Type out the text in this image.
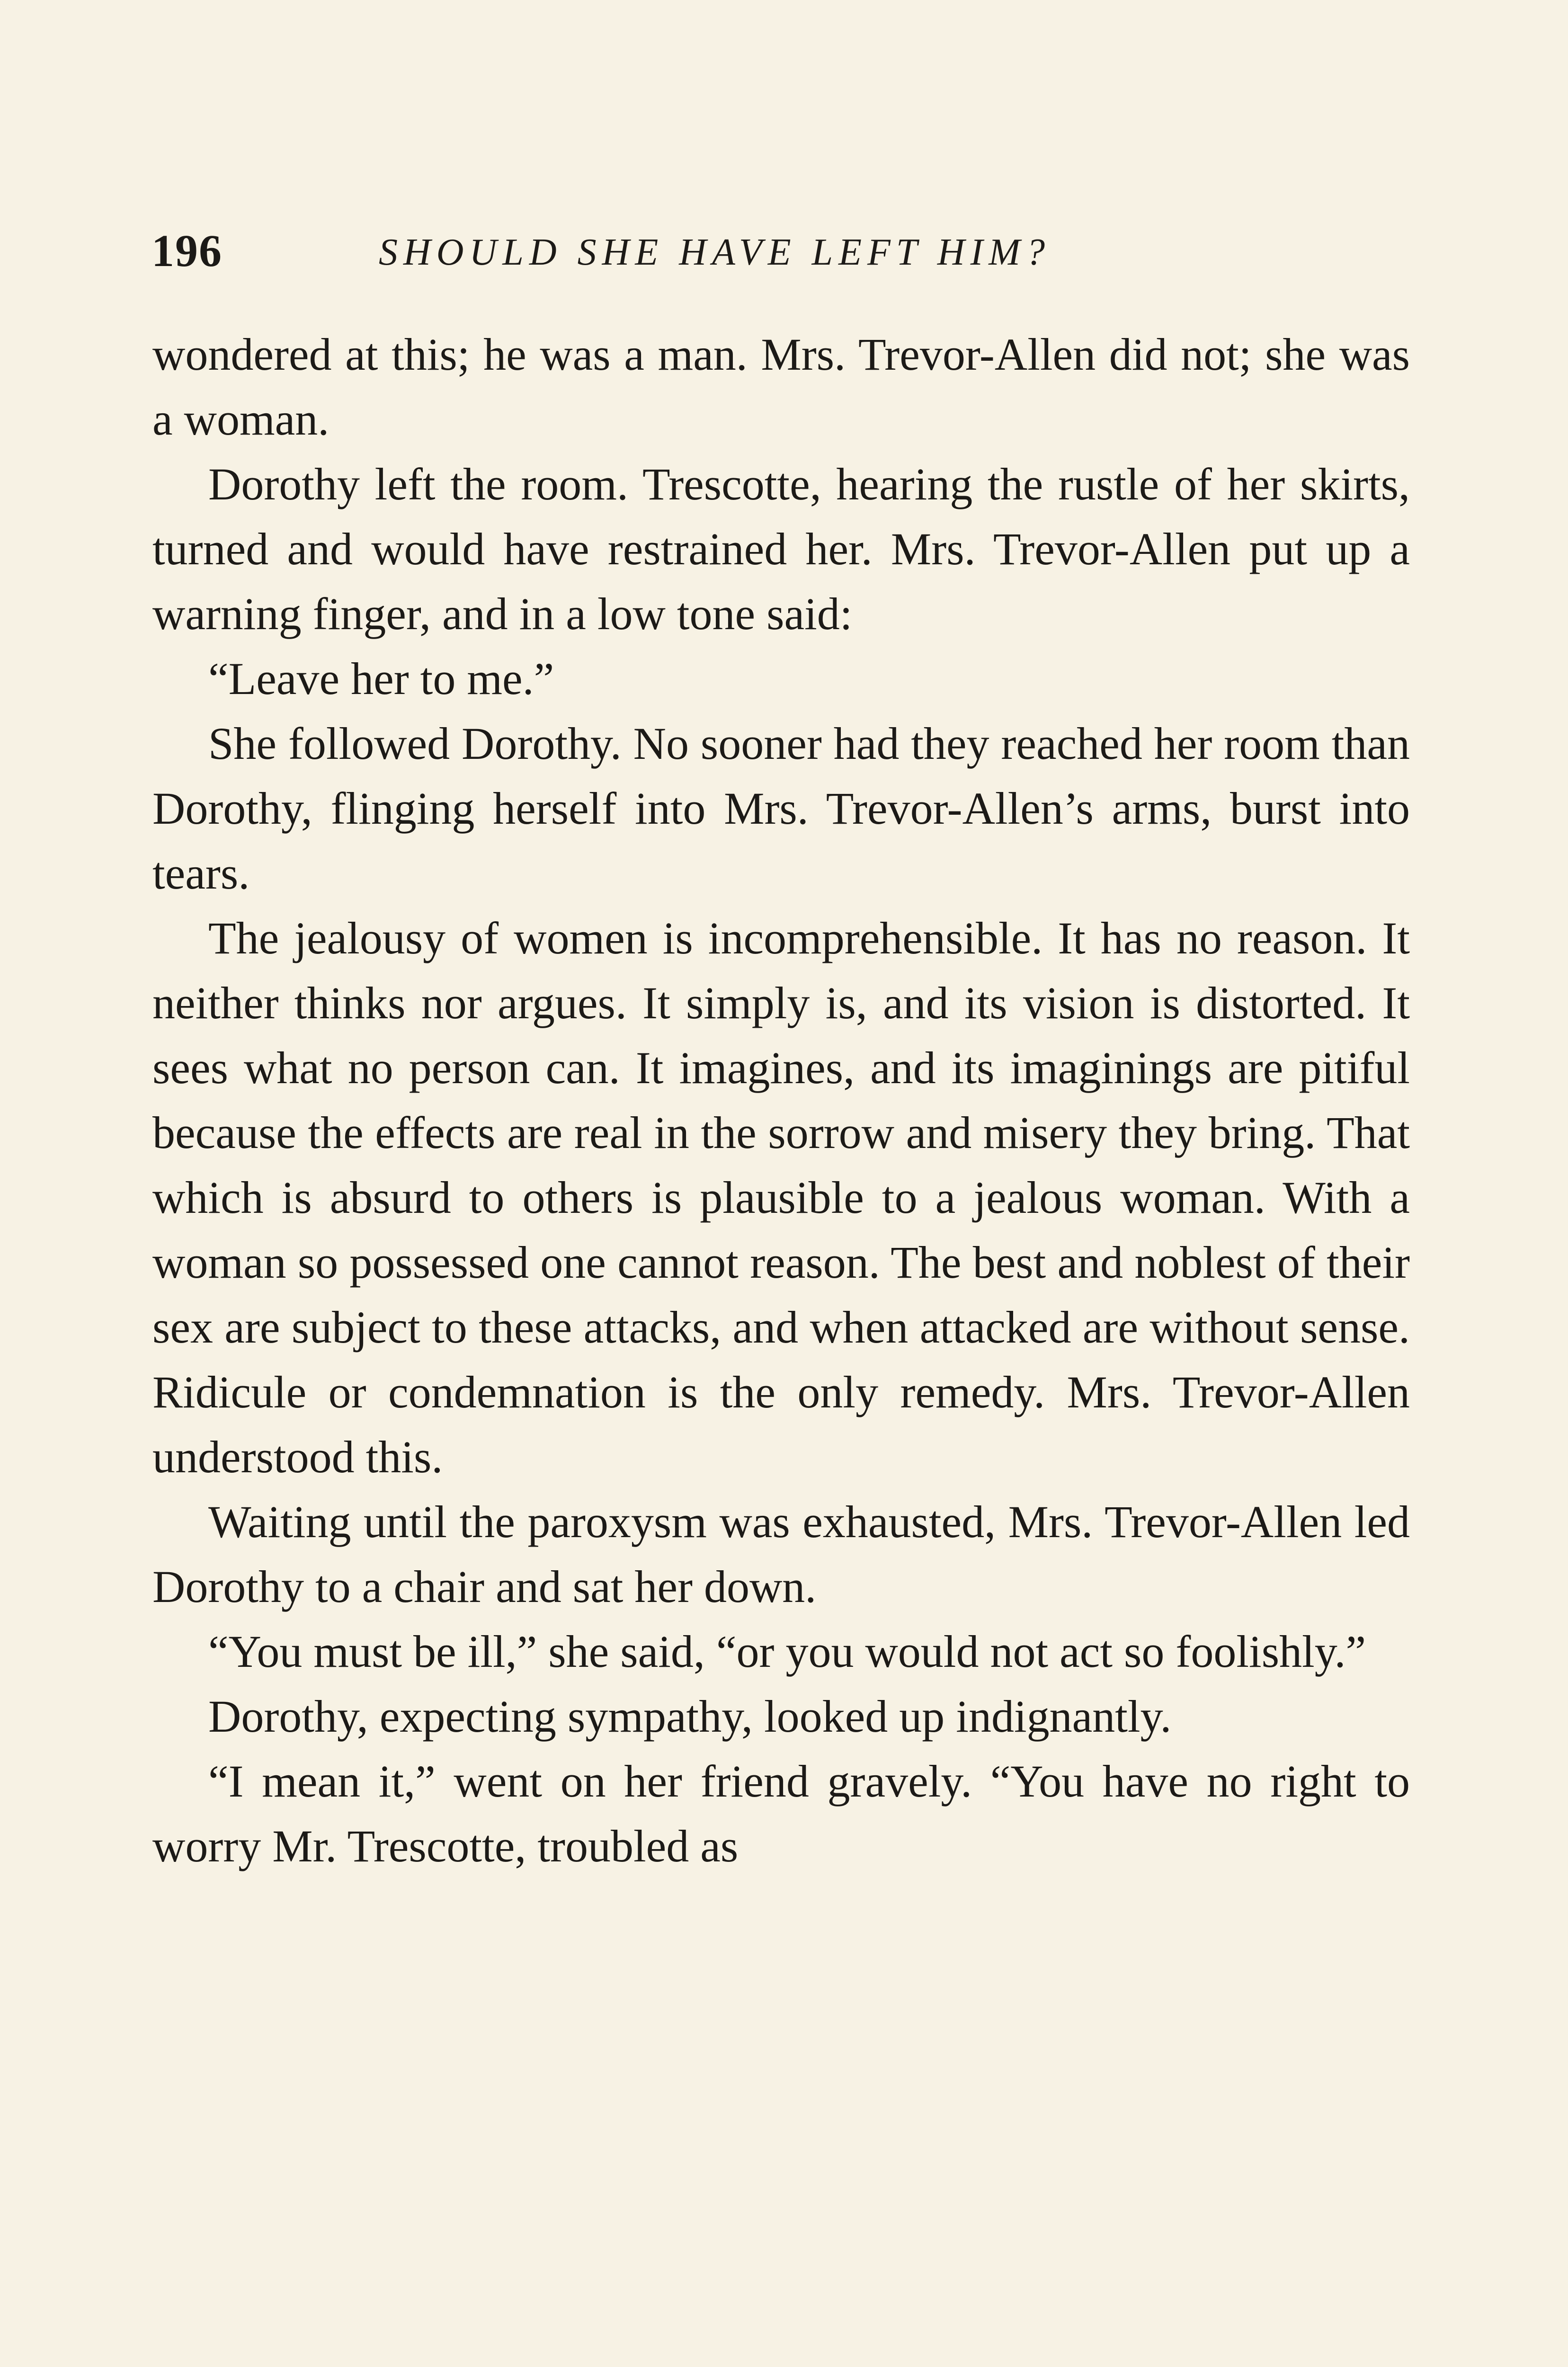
196	SHOULD SHE HAVE LEFT HIM?

wondered at this; he was a man. Mrs. Trevor-Allen did not; she was a woman.

Dorothy left the room. Trescotte, hearing the rustle of her skirts, turned and would have restrained her. Mrs. Trevor-Allen put up a warning finger, and in a low tone said:

“Leave her to me.”

She followed Dorothy. No sooner had they reached her room than Dorothy, flinging herself into Mrs. Trevor-Allen’s arms, burst into tears.

The jealousy of women is incomprehensible. It has no reason. It neither thinks nor argues. It simply is, and its vision is distorted. It sees what no person can. It imagines, and its imaginings are pitiful because the effects are real in the sorrow and misery they bring. That which is absurd to others is plausible to a jealous woman. With a woman so possessed one cannot reason. The best and noblest of their sex are subject to these attacks, and when attacked are without sense. Ridicule or condemnation is the only remedy. Mrs. Trevor-Allen understood this.

Waiting until the paroxysm was exhausted, Mrs. Trevor-Allen led Dorothy to a chair and sat her down.

“You must be ill,” she said, “or you would not act so foolishly.”

Dorothy, expecting sympathy, looked up indignantly.

“I mean it,” went on her friend gravely. “You have no right to worry Mr. Trescotte, troubled as
